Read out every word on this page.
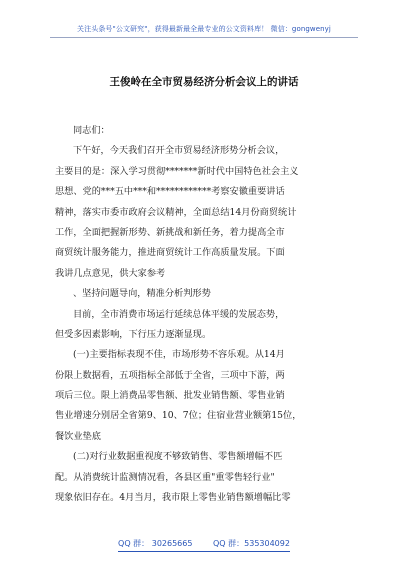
关注头条号"公文研究"，获得最新最全最专业的公文资料库！ 微信：gongwenyj
王俊岭在全市贸易经济分析会议上的讲话
同志们：
下午好，今天我们召开全市贸易经济形势分析会议，
主要目的是：深入学习贯彻*******新时代中国特色社会主义
思想、党的***五中***和************考察安徽重要讲话
精神，落实市委市政府会议精神，全面总结14月份商贸统计
工作，全面把握新形势、新挑战和新任务，着力提高全市
商贸统计服务能力，推进商贸统计工作高质量发展。下面
我讲几点意见，供大家参考
、坚持问题导向，精准分析判形势
目前，全市消费市场运行延续总体平缓的发展态势，
但受多因素影响，下行压力逐渐显现。
(一)主要指标表现不佳，市场形势不容乐观。从14月
份限上数据看，五项指标全部低于全省，三项中下游，两
项后三位。限上消费品零售额、批发业销售额、零售业销
售业增速分别居全省第9、10、7位；住宿业营业额第15位，
餐饮业垫底
(二)对行业数据重视度不够致销售、零售额增幅不匹
配。从消费统计监测情况看，各县区重"重零售轻行业"
现象依旧存在。4月当月，我市限上零售业销售额增幅比零
QQ 群： 30265665	QQ 群：535304092
